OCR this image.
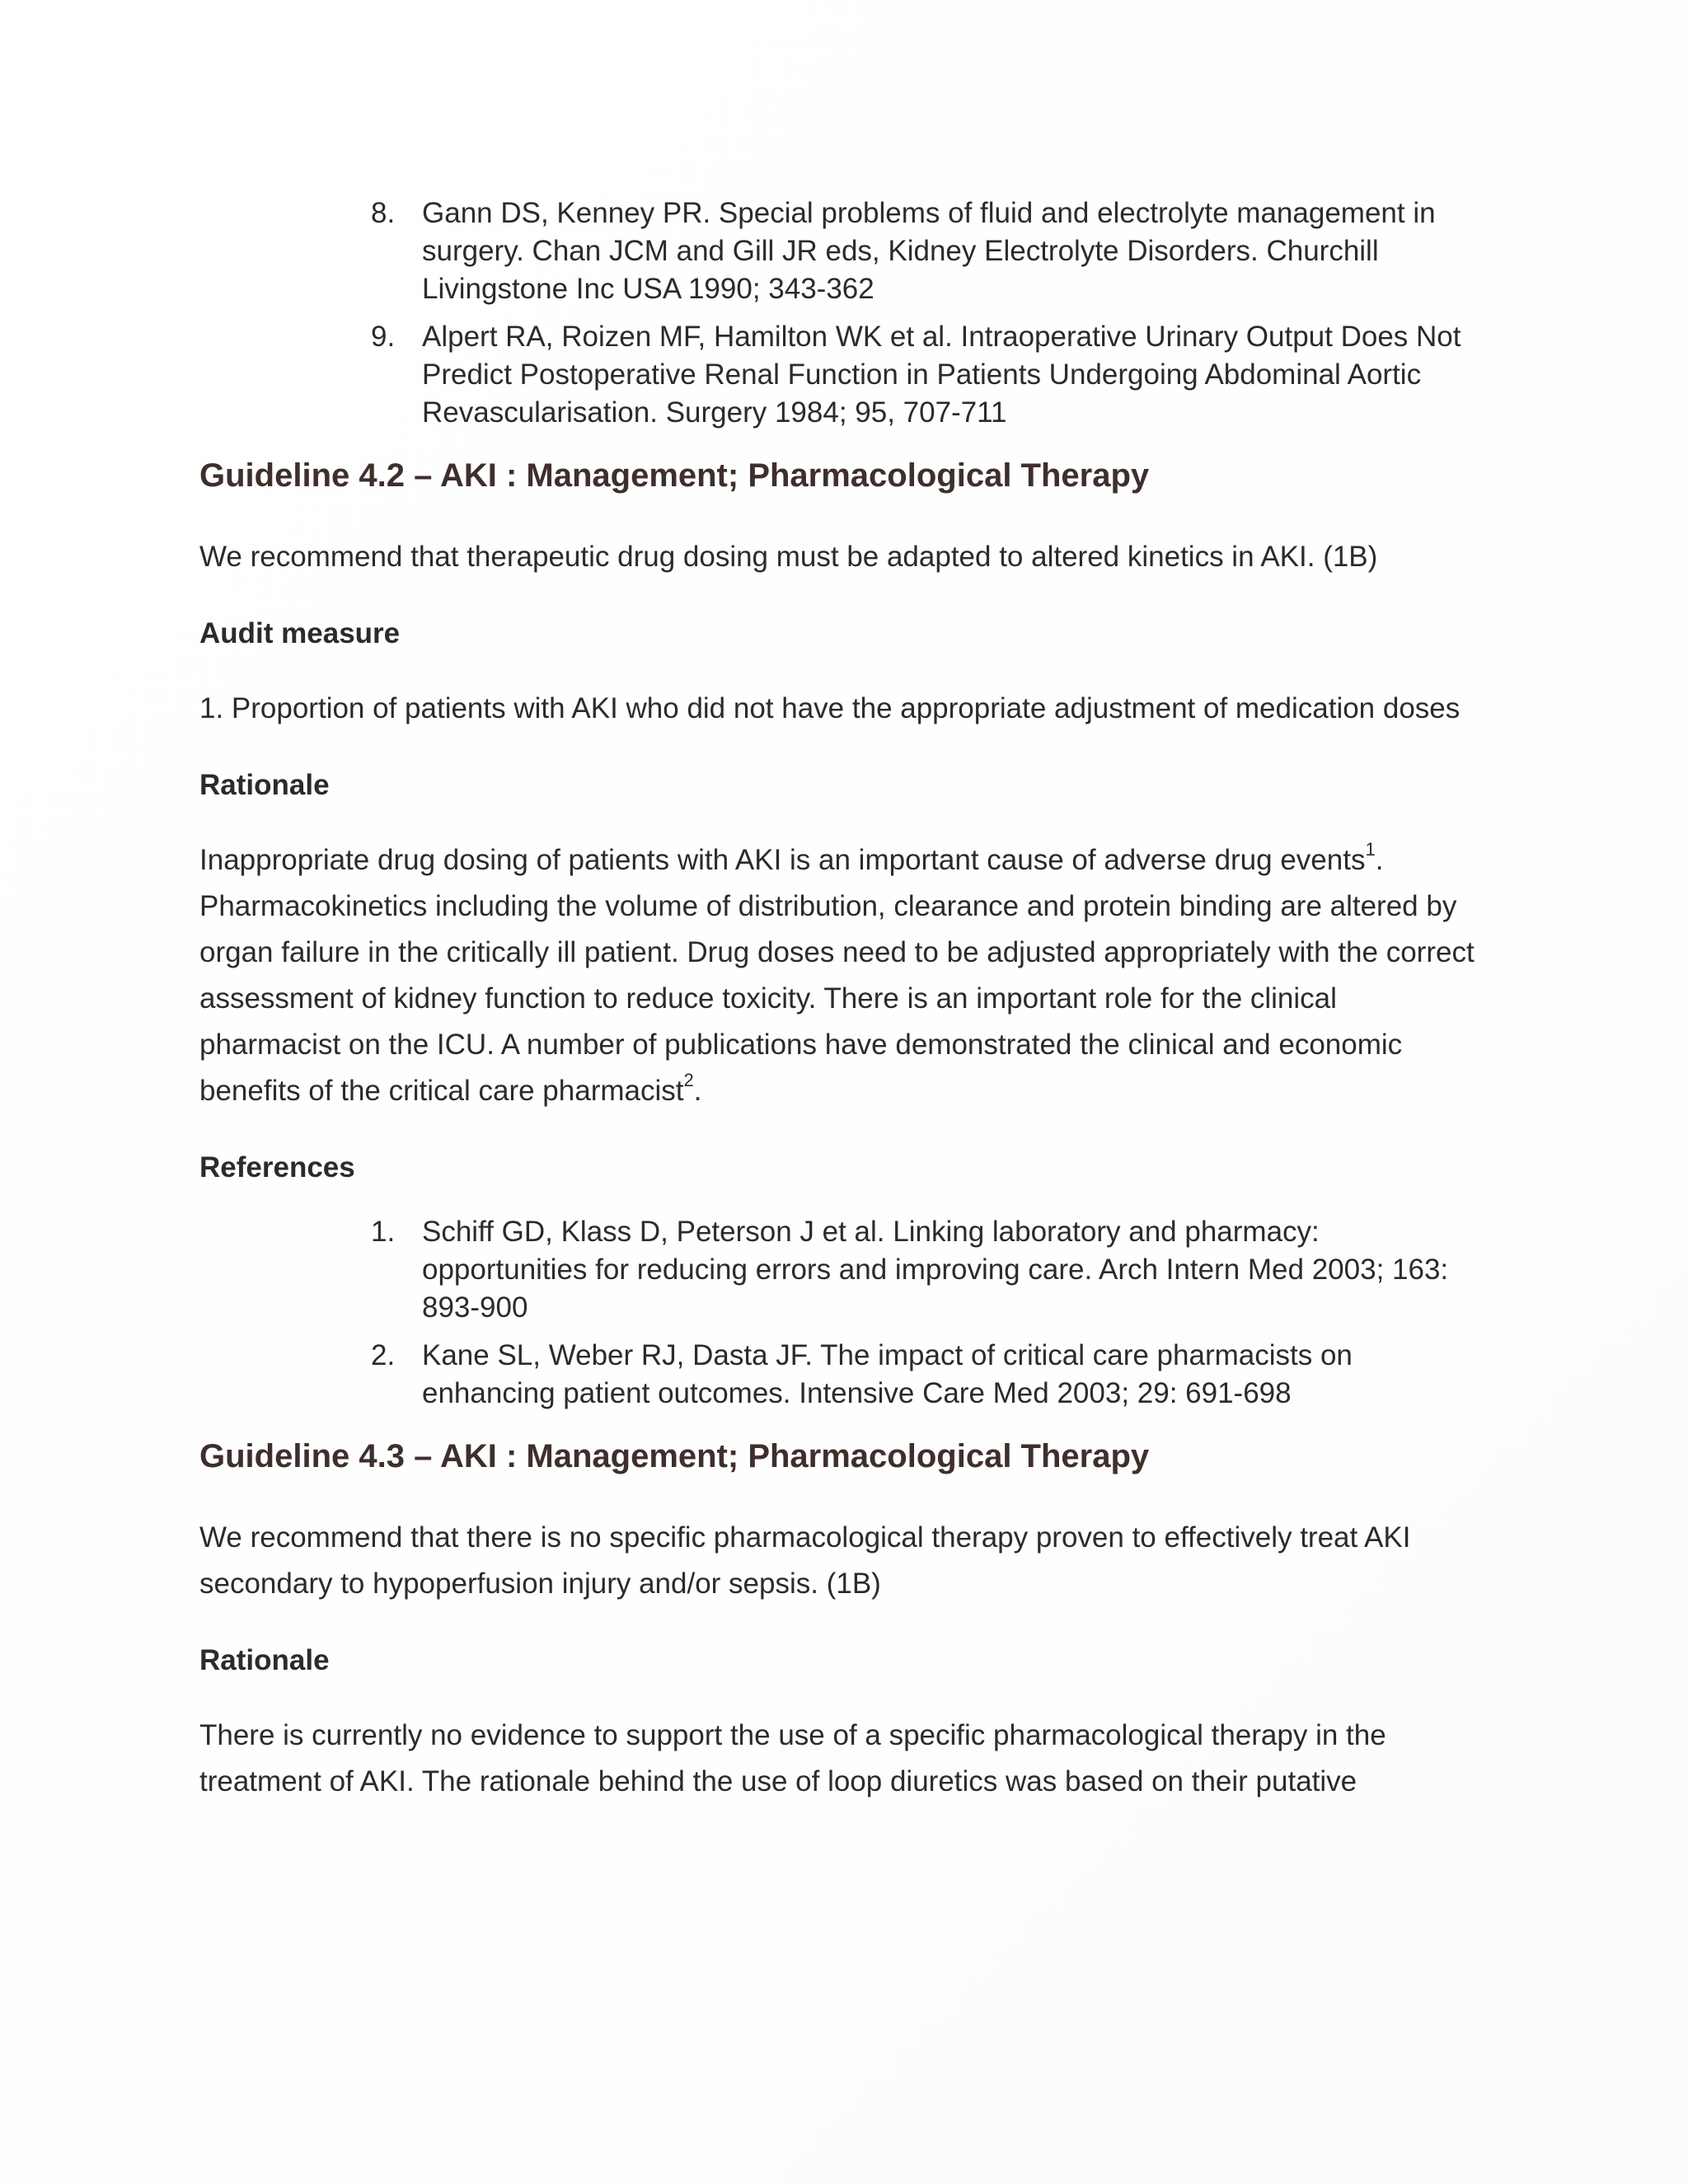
8. Gann DS, Kenney PR. Special problems of fluid and electrolyte management in surgery. Chan JCM and Gill JR eds, Kidney Electrolyte Disorders. Churchill Livingstone Inc USA 1990; 343-362
9. Alpert RA, Roizen MF, Hamilton WK et al. Intraoperative Urinary Output Does Not Predict Postoperative Renal Function in Patients Undergoing Abdominal Aortic Revascularisation. Surgery 1984; 95, 707-711
Guideline 4.2 – AKI : Management; Pharmacological Therapy

We recommend that therapeutic drug dosing must be adapted to altered kinetics in AKI. (1B)

Audit measure

1. Proportion of patients with AKI who did not have the appropriate adjustment of medication doses

Rationale

Inappropriate drug dosing of patients with AKI is an important cause of adverse drug events$^1$. Pharmacokinetics including the volume of distribution, clearance and protein binding are altered by organ failure in the critically ill patient. Drug doses need to be adjusted appropriately with the correct assessment of kidney function to reduce toxicity. There is an important role for the clinical pharmacist on the ICU. A number of publications have demonstrated the clinical and economic benefits of the critical care pharmacist$^2$.

References
1. Schiff GD, Klass D, Peterson J et al. Linking laboratory and pharmacy: opportunities for reducing errors and improving care. Arch Intern Med 2003; 163: 893-900
2. Kane SL, Weber RJ, Dasta JF. The impact of critical care pharmacists on enhancing patient outcomes. Intensive Care Med 2003; 29: 691-698
Guideline 4.3 – AKI : Management; Pharmacological Therapy

We recommend that there is no specific pharmacological therapy proven to effectively treat AKI secondary to hypoperfusion injury and/or sepsis. (1B)

Rationale

There is currently no evidence to support the use of a specific pharmacological therapy in the treatment of AKI. The rationale behind the use of loop diuretics was based on their putative
